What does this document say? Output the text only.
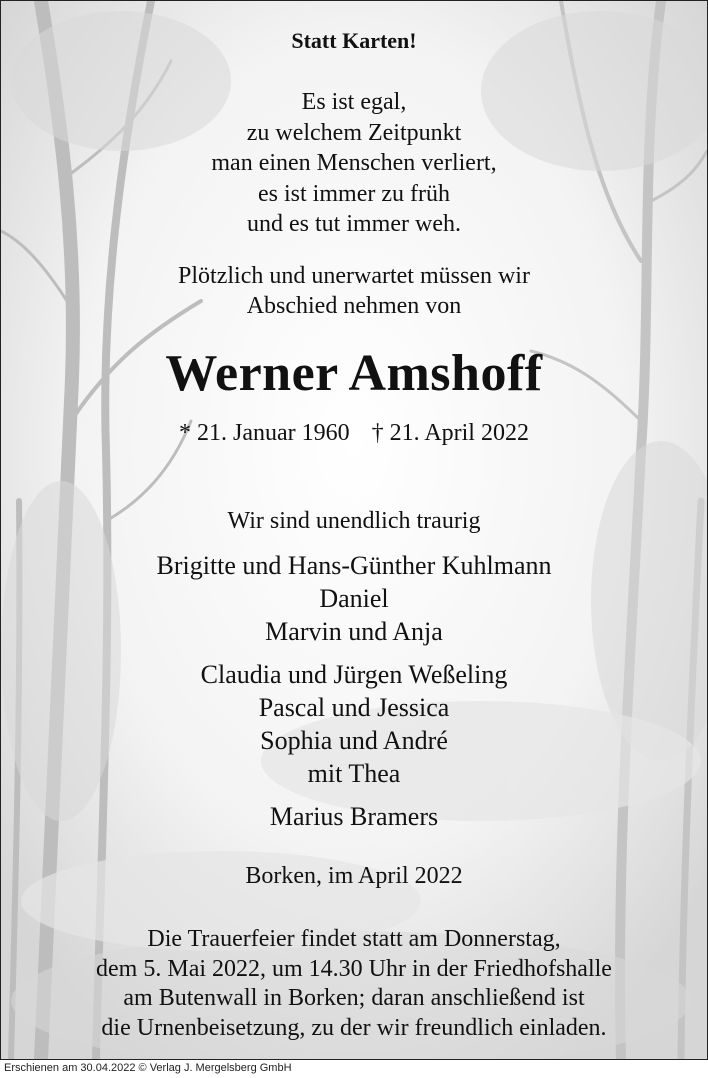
Statt Karten!
Es ist egal,
zu welchem Zeitpunkt
man einen Menschen verliert,
es ist immer zu früh
und es tut immer weh.
Plötzlich und unerwartet müssen wir
Abschied nehmen von
Werner Amshoff
* 21. Januar 1960 † 21. April 2022
Wir sind unendlich traurig
Brigitte und Hans-Günther Kuhlmann
Daniel
Marvin und Anja
Claudia und Jürgen Weßeling
Pascal und Jessica
Sophia und André
mit Thea
Marius Bramers
Borken, im April 2022
Die Trauerfeier findet statt am Donnerstag,
dem 5. Mai 2022, um 14.30 Uhr in der Friedhofshalle
am Butenwall in Borken; daran anschließend ist
die Urnenbeisetzung, zu der wir freundlich einladen.
Erschienen am 30.04.2022 © Verlag J. Mergelsberg GmbH
